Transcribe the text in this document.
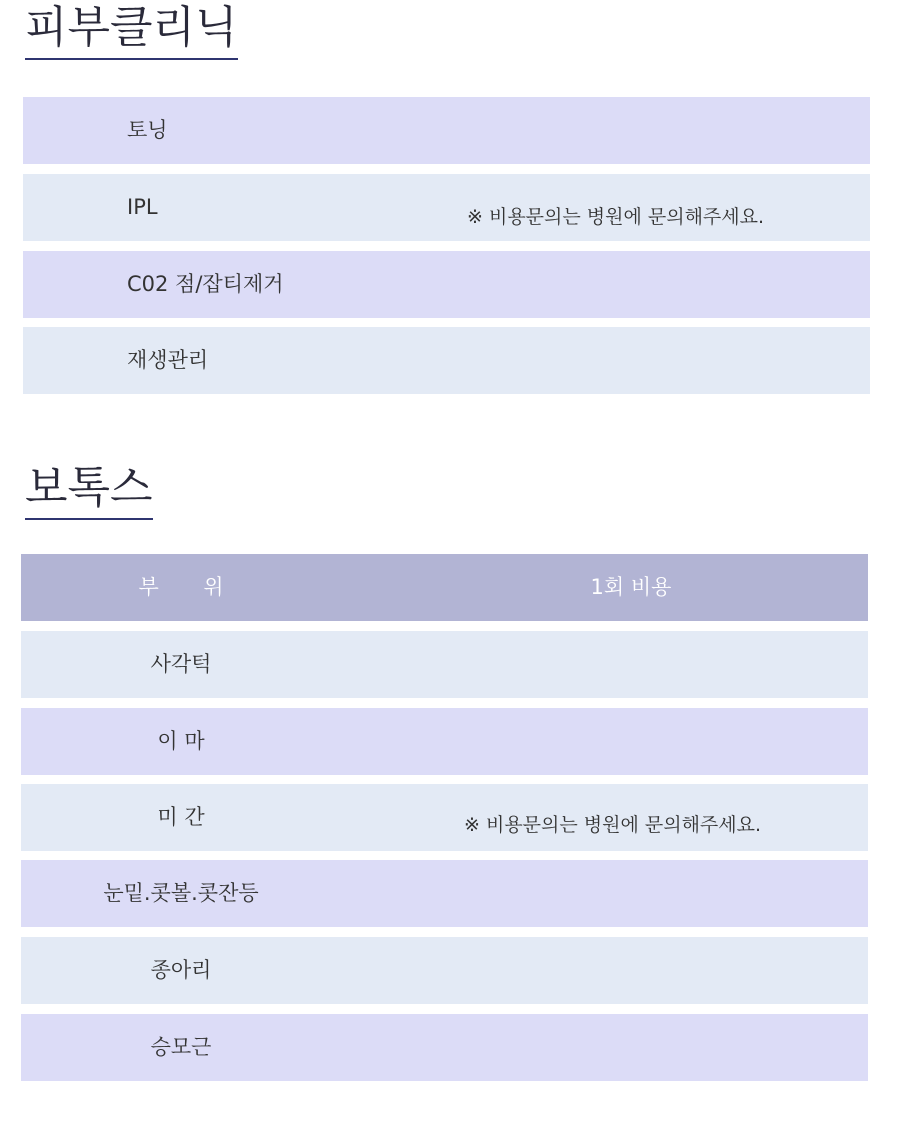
피부클리닉
토닝
IPL	※ 비용문의는 병원에 문의해주세요.
C02 점/잡티제거
재생관리
보톡스
부 위	1회 비용
사각턱
이 마
미 간	※ 비용문의는 병원에 문의해주세요.
눈밑.콧볼.콧잔등
종아리
승모근
